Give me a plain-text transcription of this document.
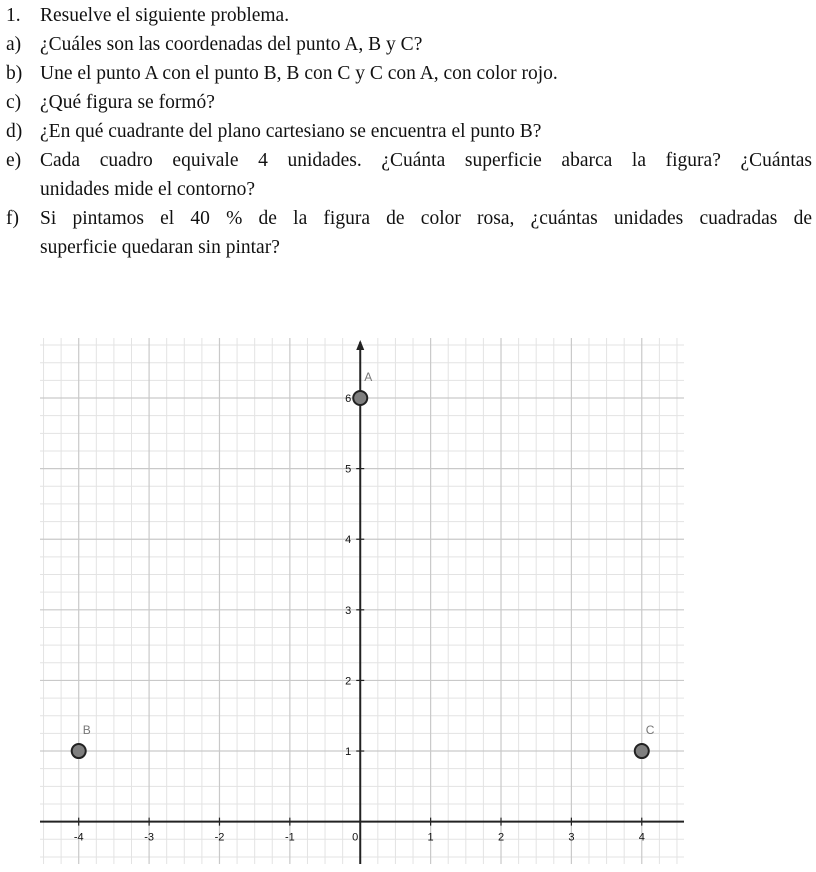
1. Resuelve el siguiente problema.
a) ¿Cuáles son las coordenadas del punto A, B y C?
b) Une el punto A con el punto B, B con C y C con A, con color rojo.
c) ¿Qué figura se formó?
d) ¿En qué cuadrante del plano cartesiano se encuentra el punto B?
e) Cada cuadro equivale 4 unidades. ¿Cuánta superficie abarca la figura? ¿Cuántas
unidades mide el contorno?
f) Si pintamos el 40 % de la figura de color rosa, ¿cuántas unidades cuadradas de
superficie quedaran sin pintar?
-4	-3	-2	-1	0	1	2	3	4
1
2
3
4
5
6
A
B	C
